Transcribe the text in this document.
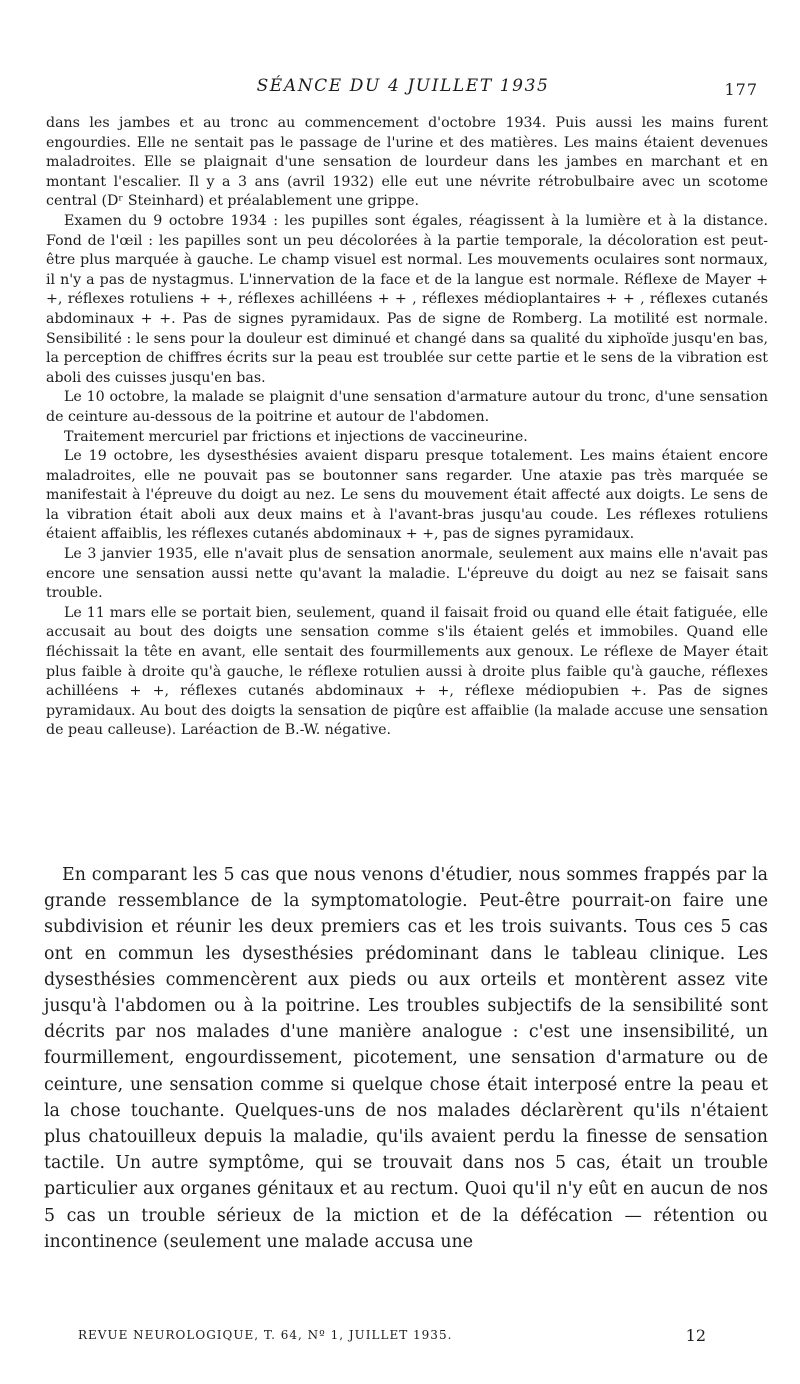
SÉANCE DU 4 JUILLET 1935	177

dans les jambes et au tronc au commencement d'octobre 1934. Puis aussi les mains furent engourdies. Elle ne sentait pas le passage de l'urine et des matières. Les mains étaient devenues maladroites. Elle se plaignait d'une sensation de lourdeur dans les jambes en marchant et en montant l'escalier. Il y a 3 ans (avril 1932) elle eut une névrite rétrobulbaire avec un scotome central (Dʳ Steinhard) et préalablement une grippe.

Examen du 9 octobre 1934 : les pupilles sont égales, réagissent à la lumière et à la distance. Fond de l'œil : les papilles sont un peu décolorées à la partie temporale, la décoloration est peut-être plus marquée à gauche. Le champ visuel est normal. Les mouvements oculaires sont normaux, il n'y a pas de nystagmus. L'innervation de la face et de la langue est normale. Réflexe de Mayer + +, réflexes rotuliens + +, réflexes achilléens + + , réflexes médioplantaires + + , réflexes cutanés abdominaux + +. Pas de signes pyramidaux. Pas de signe de Romberg. La motilité est normale. Sensibilité : le sens pour la douleur est diminué et changé dans sa qualité du xiphoïde jusqu'en bas, la perception de chiffres écrits sur la peau est troublée sur cette partie et le sens de la vibration est aboli des cuisses jusqu'en bas.

Le 10 octobre, la malade se plaignit d'une sensation d'armature autour du tronc, d'une sensation de ceinture au-dessous de la poitrine et autour de l'abdomen.

Traitement mercuriel par frictions et injections de vaccineurine.

Le 19 octobre, les dysesthésies avaient disparu presque totalement. Les mains étaient encore maladroites, elle ne pouvait pas se boutonner sans regarder. Une ataxie pas très marquée se manifestait à l'épreuve du doigt au nez. Le sens du mouvement était affecté aux doigts. Le sens de la vibration était aboli aux deux mains et à l'avant-bras jusqu'au coude. Les réflexes rotuliens étaient affaiblis, les réflexes cutanés abdominaux + +, pas de signes pyramidaux.

Le 3 janvier 1935, elle n'avait plus de sensation anormale, seulement aux mains elle n'avait pas encore une sensation aussi nette qu'avant la maladie. L'épreuve du doigt au nez se faisait sans trouble.

Le 11 mars elle se portait bien, seulement, quand il faisait froid ou quand elle était fatiguée, elle accusait au bout des doigts une sensation comme s'ils étaient gelés et immobiles. Quand elle fléchissait la tête en avant, elle sentait des fourmillements aux genoux. Le réflexe de Mayer était plus faible à droite qu'à gauche, le réflexe rotulien aussi à droite plus faible qu'à gauche, réflexes achilléens + +, réflexes cutanés abdominaux + +, réflexe médiopubien +. Pas de signes pyramidaux. Au bout des doigts la sensation de piqûre est affaiblie (la malade accuse une sensation de peau calleuse). Laréaction de B.-W. négative.

En comparant les 5 cas que nous venons d'étudier, nous sommes frappés par la grande ressemblance de la symptomatologie. Peut-être pourrait-on faire une subdivision et réunir les deux premiers cas et les trois suivants. Tous ces 5 cas ont en commun les dysesthésies prédominant dans le tableau clinique. Les dysesthésies commencèrent aux pieds ou aux orteils et montèrent assez vite jusqu'à l'abdomen ou à la poitrine. Les troubles subjectifs de la sensibilité sont décrits par nos malades d'une manière analogue : c'est une insensibilité, un fourmillement, engourdissement, picotement, une sensation d'armature ou de ceinture, une sensation comme si quelque chose était interposé entre la peau et la chose touchante. Quelques-uns de nos malades déclarèrent qu'ils n'étaient plus chatouilleux depuis la maladie, qu'ils avaient perdu la finesse de sensation tactile. Un autre symptôme, qui se trouvait dans nos 5 cas, était un trouble particulier aux organes génitaux et au rectum. Quoi qu'il n'y eût en aucun de nos 5 cas un trouble sérieux de la miction et de la défécation — rétention ou incontinence (seulement une malade accusa une

REVUE NEUROLOGIQUE, T. 64, Nº 1, JUILLET 1935.	12
